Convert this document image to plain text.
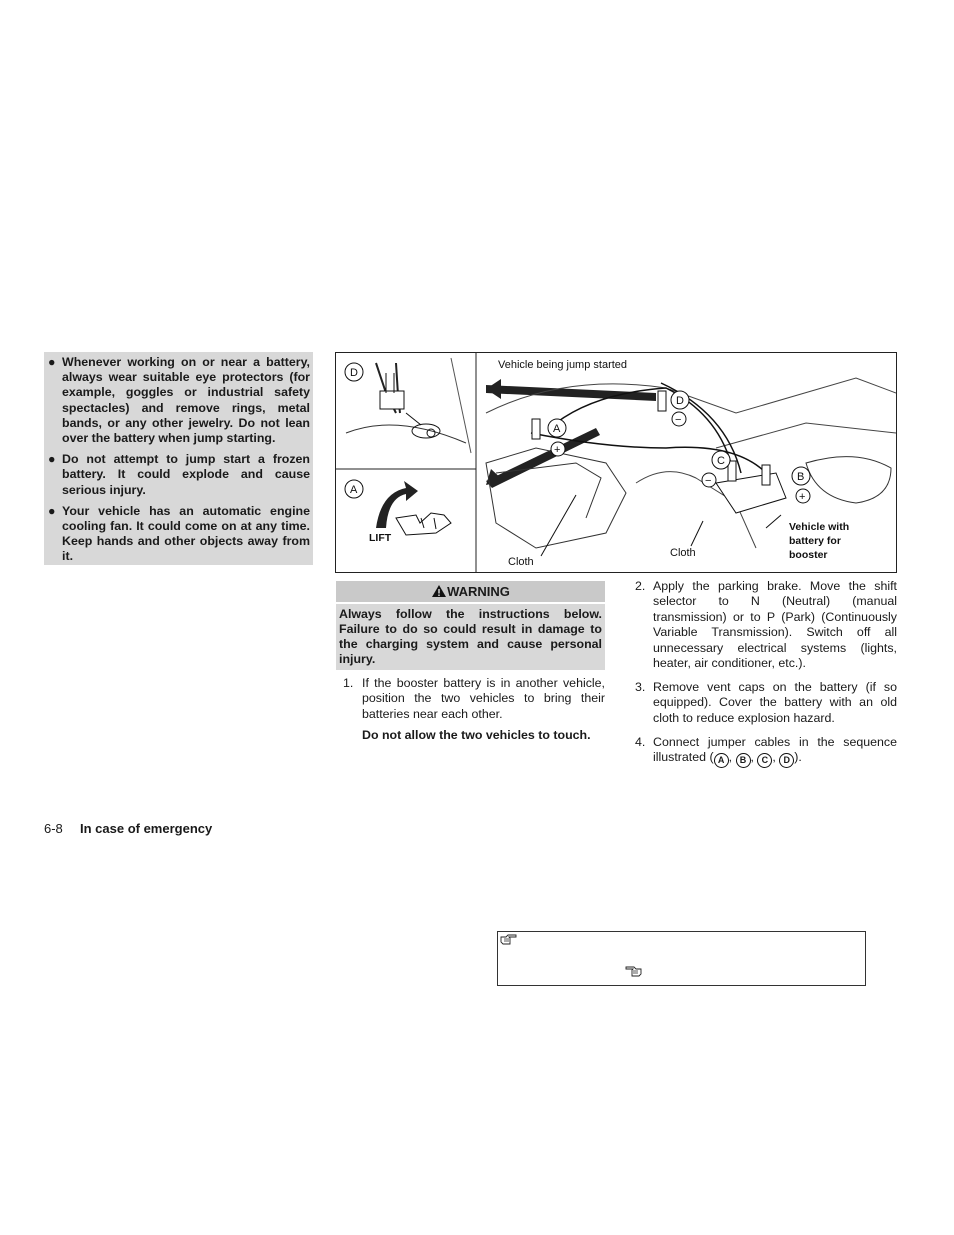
● Whenever working on or near a battery, always wear suitable eye protectors (for example, goggles or industrial safety spectacles) and remove rings, metal bands, or any other jewelry. Do not lean over the battery when jump starting.
● Do not attempt to jump start a frozen battery. It could explode and cause serious injury.
● Your vehicle has an automatic engine cooling fan. It could come on at any time. Keep hands and other objects away from it.
D
A
LIFT
Vehicle being jump started
A
+
D
−
C
−	B
+
Cloth
Cloth
Vehicle with
battery for
booster
WARNING
Always follow the instructions below. Failure to do so could result in damage to the charging system and cause personal injury.
1. If the booster battery is in another vehicle, position the two vehicles to bring their batteries near each other.
Do not allow the two vehicles to touch.
2. Apply the parking brake. Move the shift selector to N (Neutral) (manual transmission) or to P (Park) (Continuously Variable Transmission). Switch off all unnecessary electrical systems (lights, heater, air conditioner, etc.).
3. Remove vent caps on the battery (if so equipped). Cover the battery with an old cloth to reduce explosion hazard.
4. Connect jumper cables in the sequence illustrated ( A , B , C , D ).
6-8 In case of emergency
